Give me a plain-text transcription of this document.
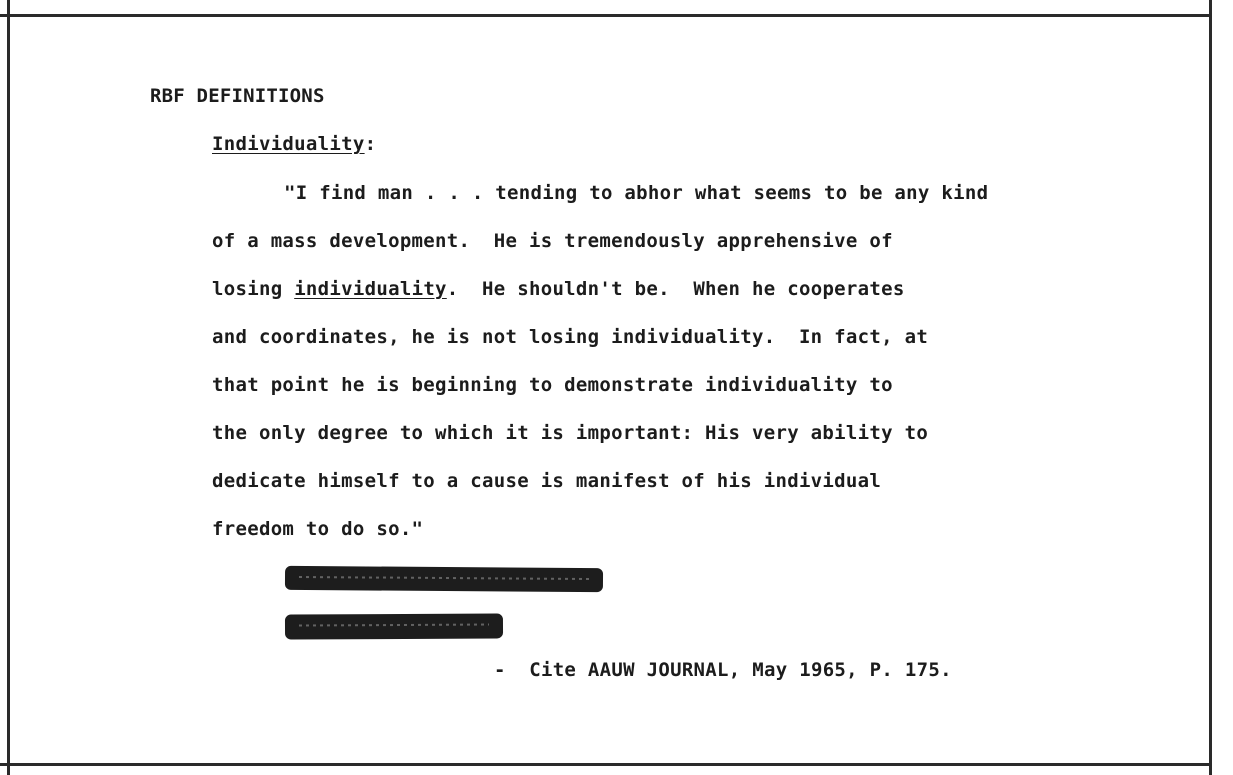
RBF DEFINITIONS
Individuality:
"I find man . . . tending to abhor what seems to be any kind
of a mass development.  He is tremendously apprehensive of
losing individuality.  He shouldn't be.  When he cooperates
and coordinates, he is not losing individuality.  In fact, at
that point he is beginning to demonstrate individuality to
the only degree to which it is important: His very ability to
dedicate himself to a cause is manifest of his individual
freedom to do so."
-  Cite AAUW JOURNAL, May 1965, P. 175.
